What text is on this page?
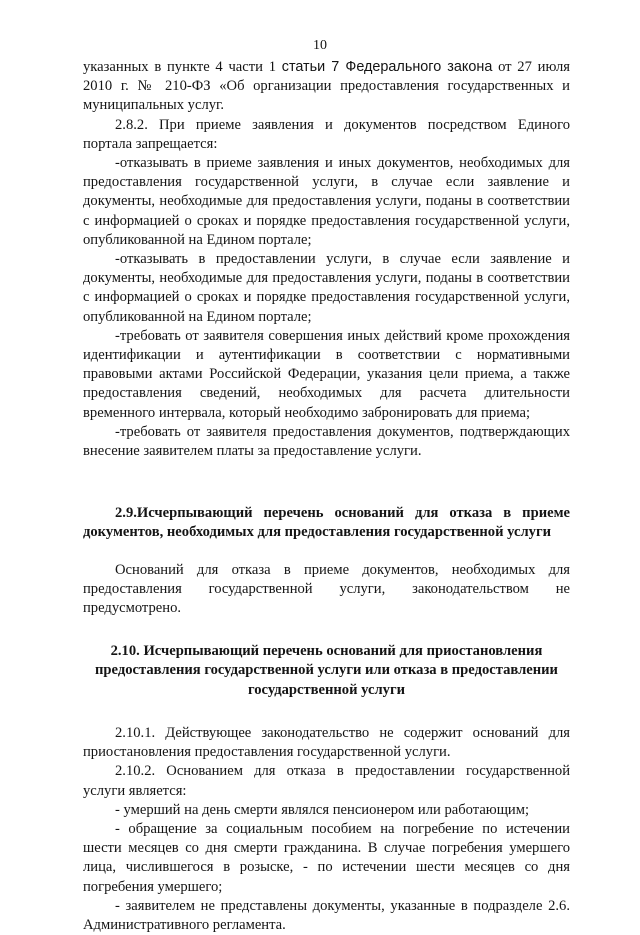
10

указанных в пункте 4 части 1 статьи 7 Федерального закона от 27 июля 2010 г. № 210-ФЗ «Об организации предоставления государственных и муниципальных услуг.

2.8.2. При приеме заявления и документов посредством Единого портала запрещается:

-отказывать в приеме заявления и иных документов, необходимых для предоставления государственной услуги, в случае если заявление и документы, необходимые для предоставления услуги, поданы в соответствии с информацией о сроках и порядке предоставления государственной услуги, опубликованной на Едином портале;

-отказывать в предоставлении услуги, в случае если заявление и документы, необходимые для предоставления услуги, поданы в соответствии с информацией о сроках и порядке предоставления государственной услуги, опубликованной на Едином портале;

-требовать от заявителя совершения иных действий кроме прохождения идентификации и аутентификации в соответствии с нормативными правовыми актами Российской Федерации, указания цели приема, а также предоставления сведений, необходимых для расчета длительности временного интервала, который необходимо забронировать для приема;

-требовать от заявителя предоставления документов, подтверждающих внесение заявителем платы за предоставление услуги.

2.9.Исчерпывающий перечень оснований для отказа в приеме документов, необходимых для предоставления государственной услуги

Оснований для отказа в приеме документов, необходимых для предоставления государственной услуги, законодательством не предусмотрено.

2.10. Исчерпывающий перечень оснований для приостановления предоставления государственной услуги или отказа в предоставлении государственной услуги

2.10.1. Действующее законодательство не содержит оснований для приостановления предоставления государственной услуги.

2.10.2. Основанием для отказа в предоставлении государственной услуги является:

- умерший на день смерти являлся пенсионером или работающим;

- обращение за социальным пособием на погребение по истечении шести месяцев со дня смерти гражданина. В случае погребения умершего лица, числившегося в розыске, - по истечении шести месяцев со дня погребения умершего;

- заявителем не представлены документы, указанные в подразделе 2.6. Административного регламента.
